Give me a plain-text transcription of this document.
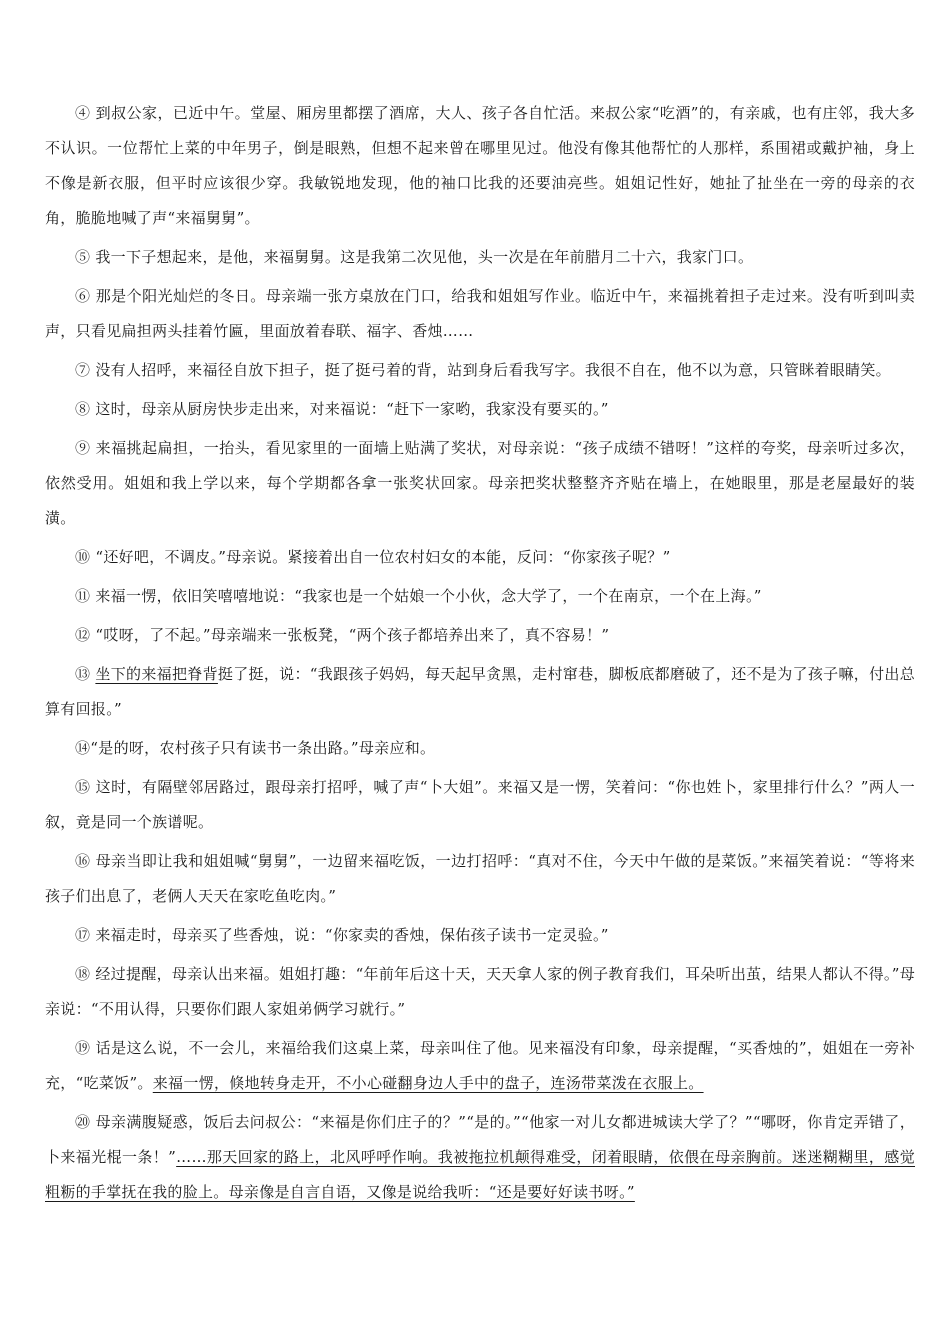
④ 到叔公家，已近中午。堂屋、厢房里都摆了酒席，大人、孩子各自忙活。来叔公家“吃酒”的，有亲戚，也有庄邻，我大多不认识。一位帮忙上菜的中年男子，倒是眼熟，但想不起来曾在哪里见过。他没有像其他帮忙的人那样，系围裙或戴护袖，身上不像是新衣服，但平时应该很少穿。我敏锐地发现，他的袖口比我的还要油亮些。姐姐记性好，她扯了扯坐在一旁的母亲的衣角，脆脆地喊了声“来福舅舅”。

⑤ 我一下子想起来，是他，来福舅舅。这是我第二次见他，头一次是在年前腊月二十六，我家门口。

⑥ 那是个阳光灿烂的冬日。母亲端一张方桌放在门口，给我和姐姐写作业。临近中午，来福挑着担子走过来。没有听到叫卖声，只看见扁担两头挂着竹匾，里面放着春联、福字、香烛……

⑦ 没有人招呼，来福径自放下担子，挺了挺弓着的背，站到身后看我写字。我很不自在，他不以为意，只管眯着眼睛笑。

⑧ 这时，母亲从厨房快步走出来，对来福说：“赶下一家哟，我家没有要买的。”

⑨ 来福挑起扁担，一抬头，看见家里的一面墙上贴满了奖状，对母亲说：“孩子成绩不错呀！”这样的夸奖，母亲听过多次，依然受用。姐姐和我上学以来，每个学期都各拿一张奖状回家。母亲把奖状整整齐齐贴在墙上，在她眼里，那是老屋最好的装潢。

⑩ “还好吧，不调皮。”母亲说。紧接着出自一位农村妇女的本能，反问：“你家孩子呢？”

⑪ 来福一愣，依旧笑嘻嘻地说：“我家也是一个姑娘一个小伙，念大学了，一个在南京，一个在上海。”

⑫ “哎呀，了不起。”母亲端来一张板凳，“两个孩子都培养出来了，真不容易！”

⑬ 坐下的来福把脊背挺了挺，说：“我跟孩子妈妈，每天起早贪黑，走村窜巷，脚板底都磨破了，还不是为了孩子嘛，付出总算有回报。”

⑭“是的呀，农村孩子只有读书一条出路。”母亲应和。

⑮ 这时，有隔壁邻居路过，跟母亲打招呼，喊了声“卜大姐”。来福又是一愣，笑着问：“你也姓卜，家里排行什么？”两人一叙，竟是同一个族谱呢。

⑯ 母亲当即让我和姐姐喊“舅舅”，一边留来福吃饭，一边打招呼：“真对不住，今天中午做的是菜饭。”来福笑着说：“等将来孩子们出息了，老俩人天天在家吃鱼吃肉。”

⑰ 来福走时，母亲买了些香烛，说：“你家卖的香烛，保佑孩子读书一定灵验。”

⑱ 经过提醒，母亲认出来福。姐姐打趣：“年前年后这十天，天天拿人家的例子教育我们，耳朵听出茧，结果人都认不得。”母亲说：“不用认得，只要你们跟人家姐弟俩学习就行。”

⑲ 话是这么说，不一会儿，来福给我们这桌上菜，母亲叫住了他。见来福没有印象，母亲提醒，“买香烛的”，姐姐在一旁补充，“吃菜饭”。来福一愣，倏地转身走开，不小心碰翻身边人手中的盘子，连汤带菜泼在衣服上。

⑳ 母亲满腹疑惑，饭后去问叔公：“来福是你们庄子的？”“是的。”“他家一对儿女都进城读大学了？”“哪呀，你肯定弄错了，卜来福光棍一条！”……那天回家的路上，北风呼呼作响。我被拖拉机颠得难受，闭着眼睛，依偎在母亲胸前。迷迷糊糊里，感觉粗粝的手掌抚在我的脸上。母亲像是自言自语，又像是说给我听：“还是要好好读书呀。”
